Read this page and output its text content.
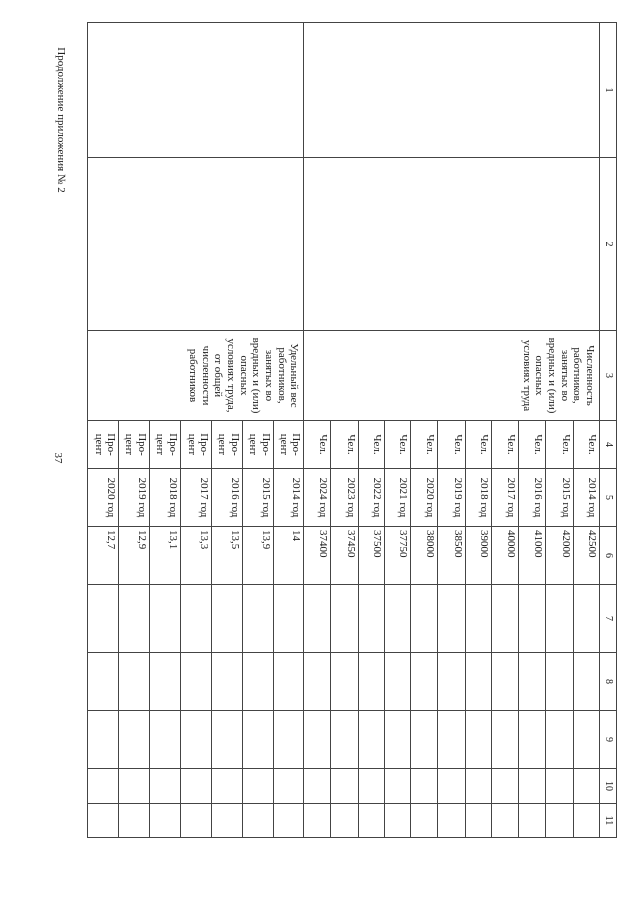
37
Продолжение приложения № 2	1	2	3	4	5	6	7	8	9	10	11

		Численность работников, занятых во вредных и (или) опасных условиях труда	Чел.	2014 год	42500					
			Чел.	2015 год	42000					
			Чел.	2016 год	41000					
			Чел.	2017 год	40000					
			Чел.	2018 год	39000					
			Чел.	2019 год	38500					
			Чел.	2020 год	38000					
			Чел.	2021 год	37750					
			Чел.	2022 год	37500					
			Чел.	2023 год	37450					
			Чел.	2024 год	37400					

		Удельный вес работников, занятых во вредных и (или) опасных условиях труда, от общей численности работников	Про-цент	2014 год	14					
			Про-цент	2015 год	13,9					
			Про-цент	2016 год	13,5					
			Про-цент	2017 год	13,3					
			Про-цент	2018 год	13,1					
			Про-цент	2019 год	12,9					
			Про-цент	2020 год	12,7					
